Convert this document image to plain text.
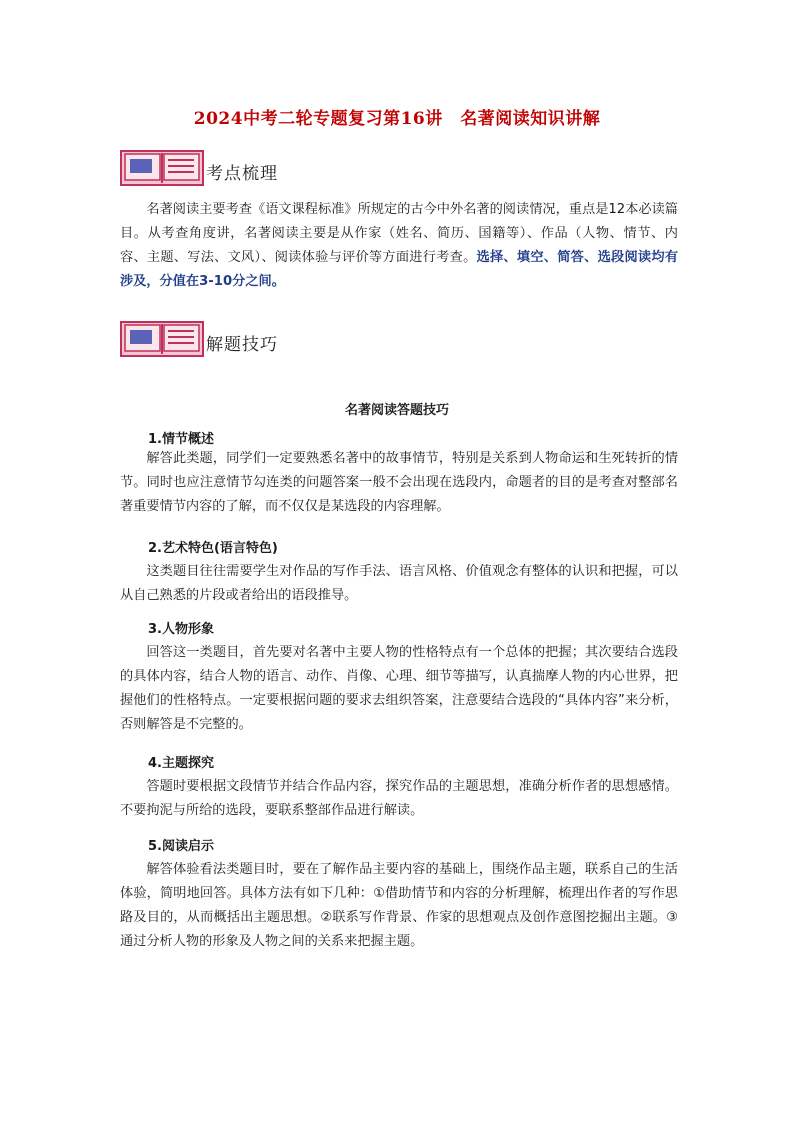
2024中考二轮专题复习第16讲　名著阅读知识讲解
考点梳理

名著阅读主要考查《语文课程标准》所规定的古今中外名著的阅读情况，重点是12本必读篇目。从考查角度讲，名著阅读主要是从作家（姓名、简历、国籍等）、作品（人物、情节、内容、主题、写法、文风）、阅读体验与评价等方面进行考查。选择、填空、简答、选段阅读均有涉及，分值在3-10分之间。

解题技巧
名著阅读答题技巧
1.情节概述

解答此类题，同学们一定要熟悉名著中的故事情节，特别是关系到人物命运和生死转折的情节。同时也应注意情节勾连类的问题答案一般不会出现在选段内，命题者的目的是考查对整部名著重要情节内容的了解，而不仅仅是某选段的内容理解。

2.艺术特色(语言特色)

这类题目往往需要学生对作品的写作手法、语言风格、价值观念有整体的认识和把握，可以从自己熟悉的片段或者给出的语段推导。

3.人物形象

回答这一类题目，首先要对名著中主要人物的性格特点有一个总体的把握；其次要结合选段的具体内容，结合人物的语言、动作、肖像、心理、细节等描写，认真揣摩人物的内心世界，把握他们的性格特点。一定要根据问题的要求去组织答案，注意要结合选段的“具体内容”来分析，否则解答是不完整的。

4.主题探究

答题时要根据文段情节并结合作品内容，探究作品的主题思想，准确分析作者的思想感情。不要拘泥与所给的选段，要联系整部作品进行解读。

5.阅读启示

解答体验看法类题目时，要在了解作品主要内容的基础上，围绕作品主题，联系自己的生活体验，简明地回答。具体方法有如下几种：①借助情节和内容的分析理解，梳理出作者的写作思路及目的，从而概括出主题思想。②联系写作背景、作家的思想观点及创作意图挖掘出主题。③通过分析人物的形象及人物之间的关系来把握主题。
